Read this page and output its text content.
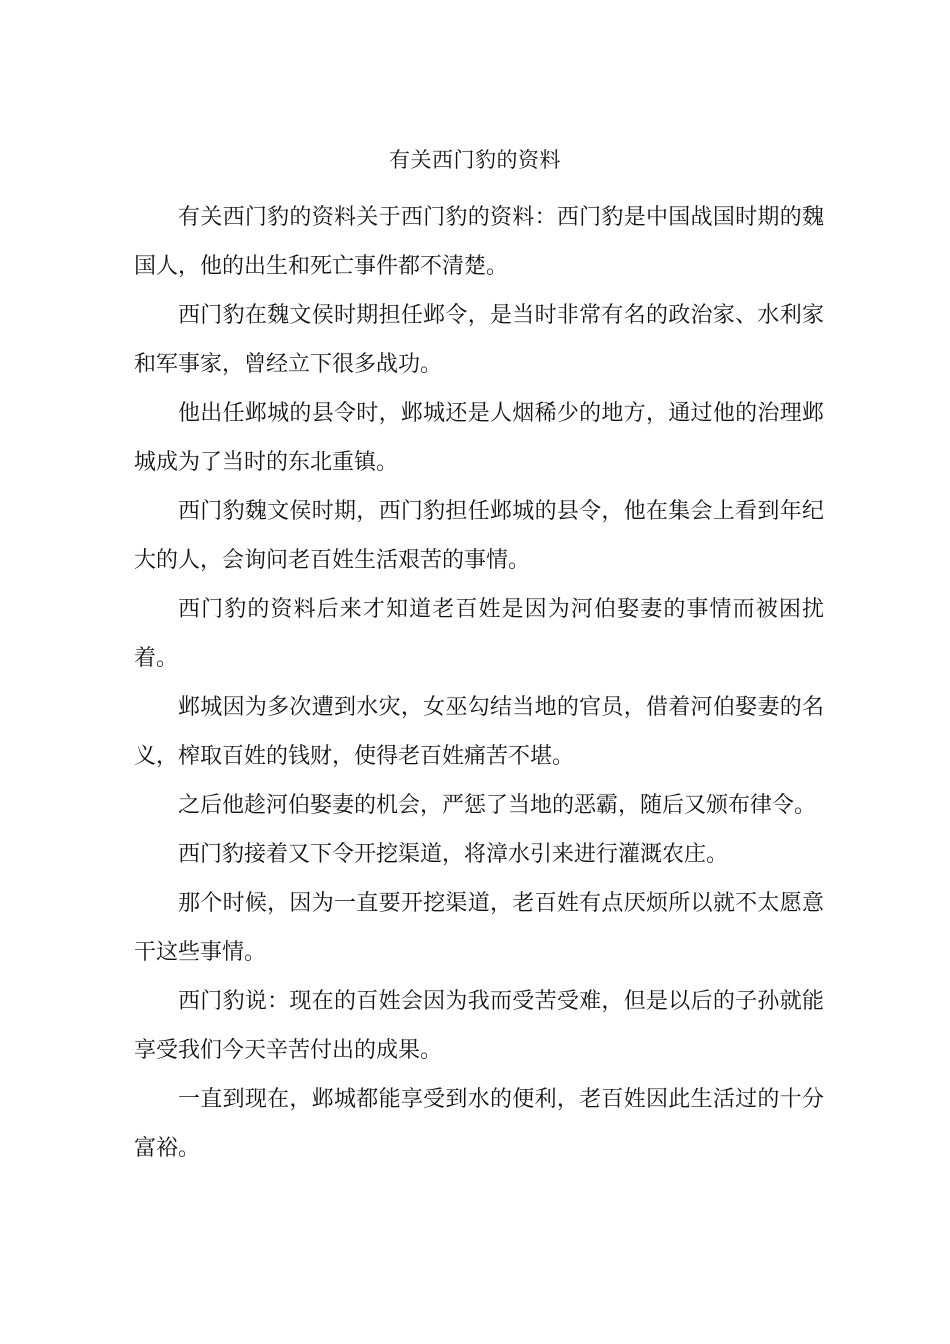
有关西门豹的资料

有关西门豹的资料关于西门豹的资料：西门豹是中国战国时期的魏国人，他的出生和死亡事件都不清楚。

西门豹在魏文侯时期担任邺令，是当时非常有名的政治家、水利家和军事家，曾经立下很多战功。

他出任邺城的县令时，邺城还是人烟稀少的地方，通过他的治理邺城成为了当时的东北重镇。

西门豹魏文侯时期，西门豹担任邺城的县令，他在集会上看到年纪大的人，会询问老百姓生活艰苦的事情。

西门豹的资料后来才知道老百姓是因为河伯娶妻的事情而被困扰着。

邺城因为多次遭到水灾，女巫勾结当地的官员，借着河伯娶妻的名义，榨取百姓的钱财，使得老百姓痛苦不堪。

之后他趁河伯娶妻的机会，严惩了当地的恶霸，随后又颁布律令。

西门豹接着又下令开挖渠道，将漳水引来进行灌溉农庄。

那个时候，因为一直要开挖渠道，老百姓有点厌烦所以就不太愿意干这些事情。

西门豹说：现在的百姓会因为我而受苦受难，但是以后的子孙就能享受我们今天辛苦付出的成果。

一直到现在，邺城都能享受到水的便利，老百姓因此生活过的十分富裕。
